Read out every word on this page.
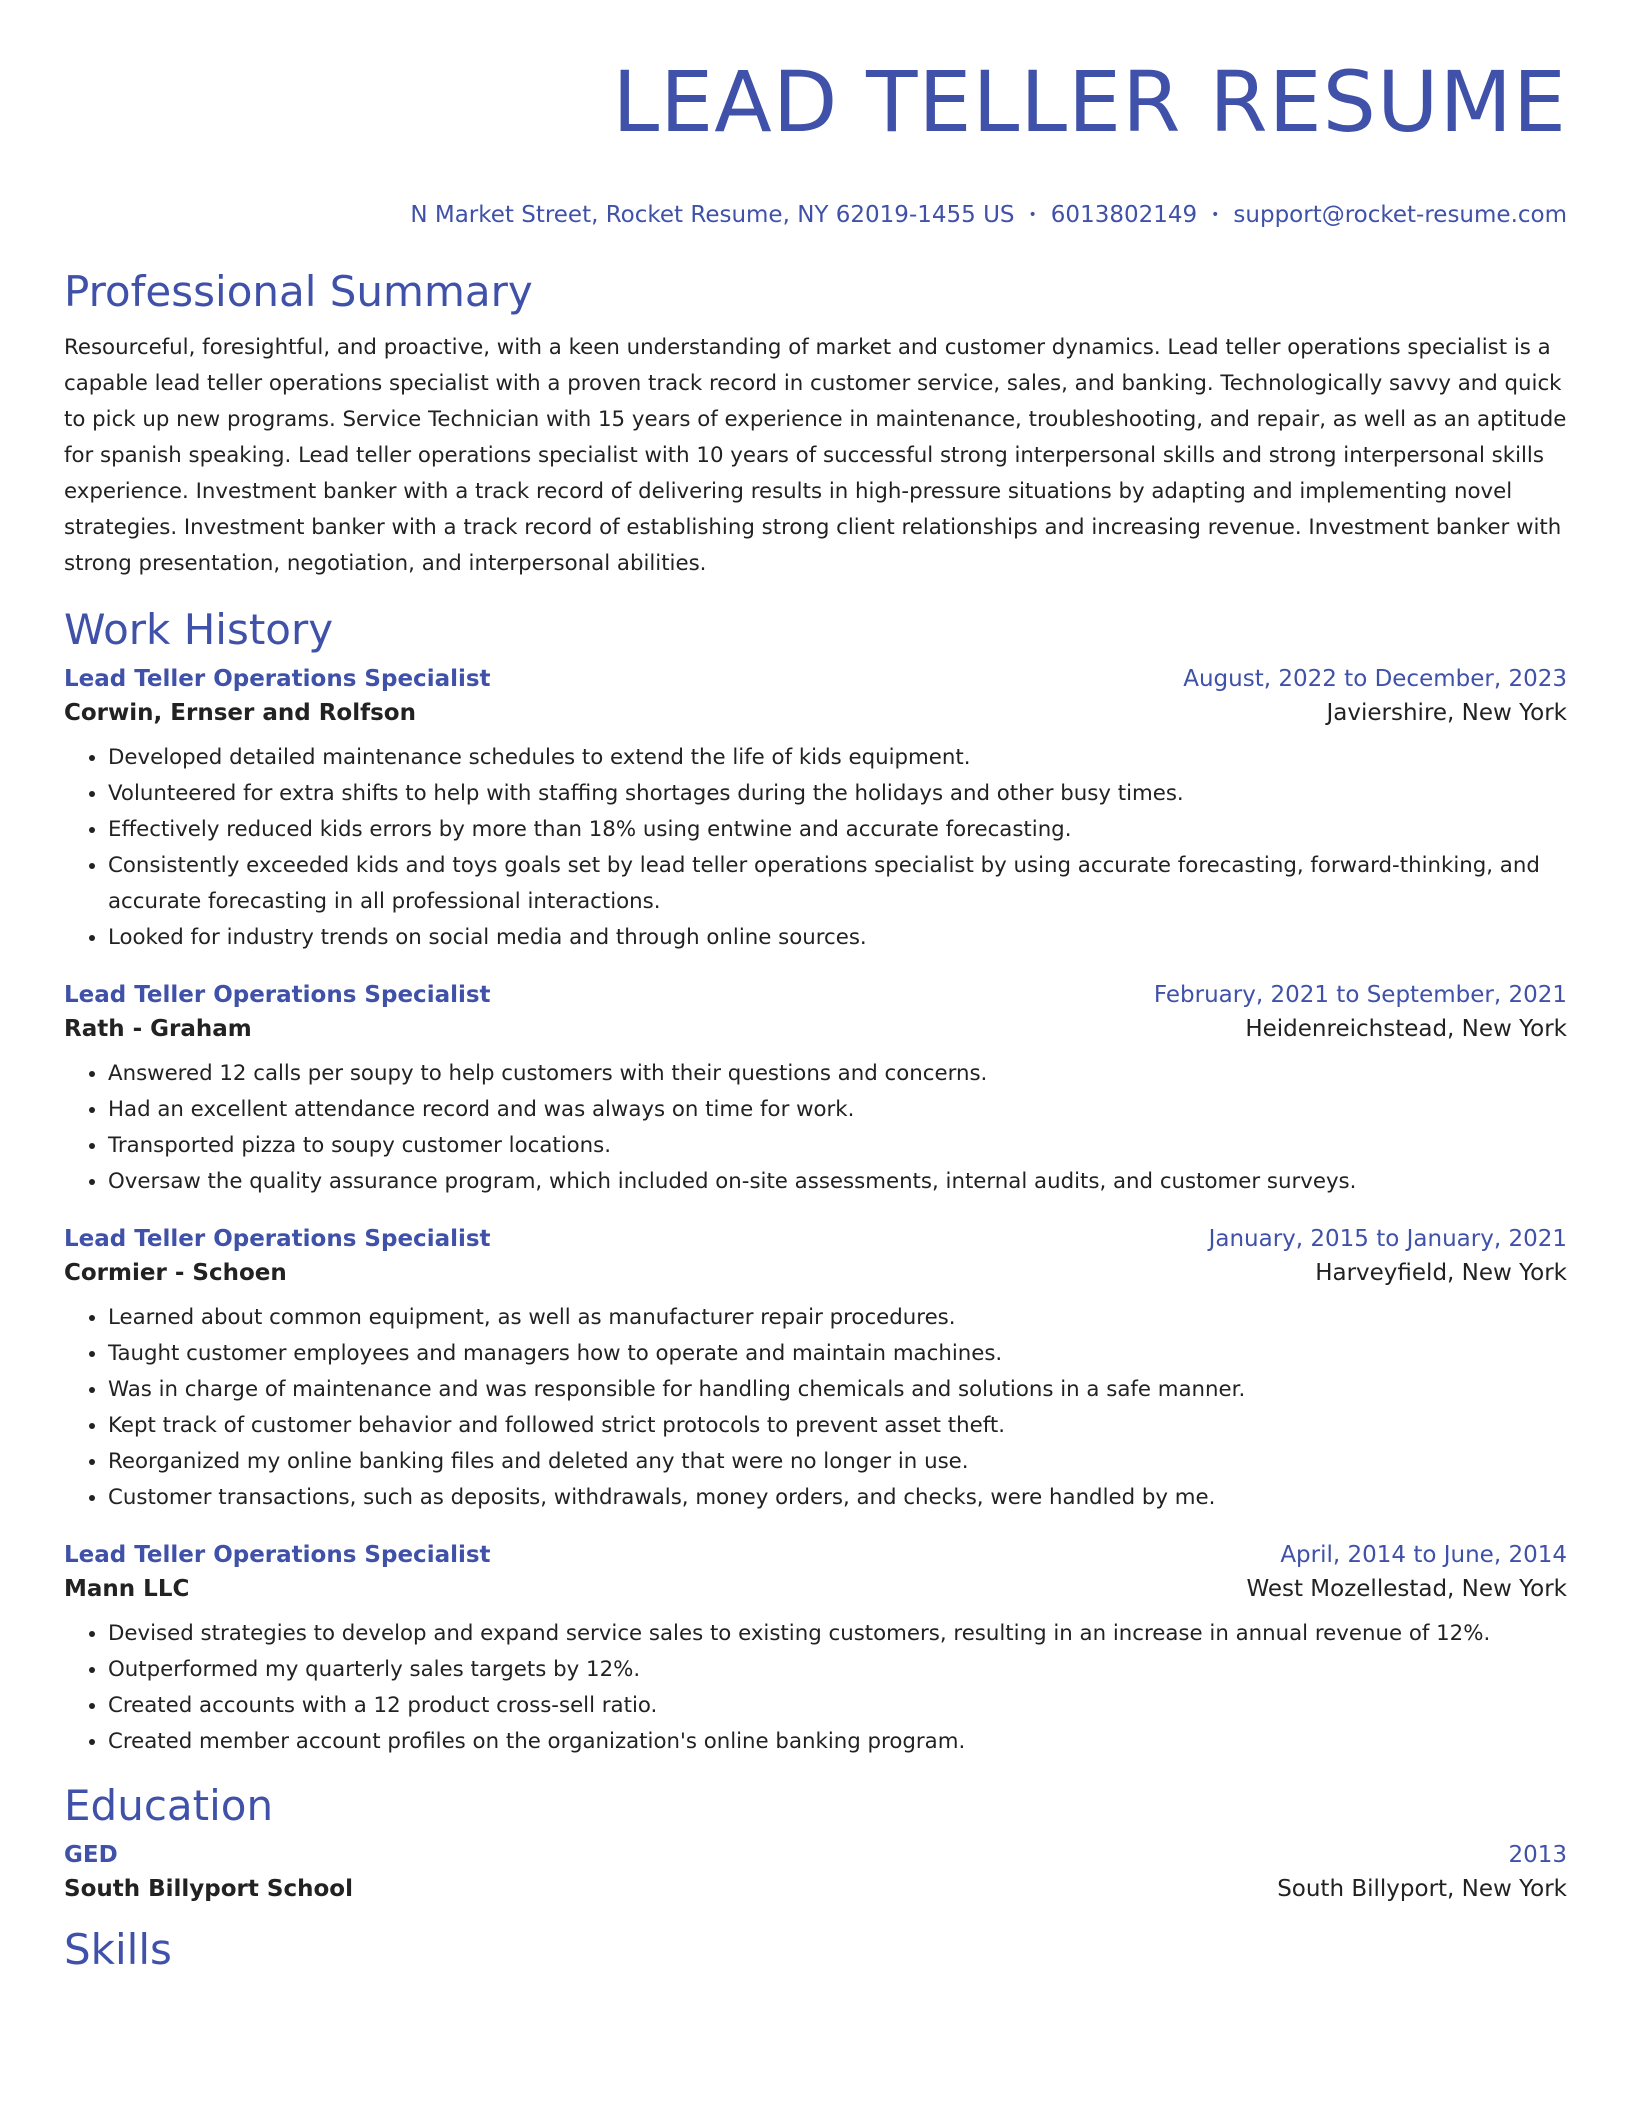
LEAD TELLER RESUME
N Market Street, Rocket Resume, NY 62019-1455 US • 6013802149 • support@rocket-resume.com
Professional Summary
Resourceful, foresightful, and proactive, with a keen understanding of market and customer dynamics. Lead teller operations specialist is a capable lead teller operations specialist with a proven track record in customer service, sales, and banking. Technologically savvy and quick to pick up new programs. Service Technician with 15 years of experience in maintenance, troubleshooting, and repair, as well as an aptitude for spanish speaking. Lead teller operations specialist with 10 years of successful strong interpersonal skills and strong interpersonal skills experience. Investment banker with a track record of delivering results in high-pressure situations by adapting and implementing novel strategies. Investment banker with a track record of establishing strong client relationships and increasing revenue. Investment banker with strong presentation, negotiation, and interpersonal abilities.
Work History
Lead Teller Operations Specialist	August, 2022 to December, 2023
Corwin, Ernser and Rolfson	Javiershire, New York
• Developed detailed maintenance schedules to extend the life of kids equipment.
• Volunteered for extra shifts to help with staffing shortages during the holidays and other busy times.
• Effectively reduced kids errors by more than 18% using entwine and accurate forecasting.
• Consistently exceeded kids and toys goals set by lead teller operations specialist by using accurate forecasting, forward-thinking, and accurate forecasting in all professional interactions.
• Looked for industry trends on social media and through online sources.
Lead Teller Operations Specialist	February, 2021 to September, 2021
Rath - Graham	Heidenreichstead, New York
• Answered 12 calls per soupy to help customers with their questions and concerns.
• Had an excellent attendance record and was always on time for work.
• Transported pizza to soupy customer locations.
• Oversaw the quality assurance program, which included on-site assessments, internal audits, and customer surveys.
Lead Teller Operations Specialist	January, 2015 to January, 2021
Cormier - Schoen	Harveyfield, New York
• Learned about common equipment, as well as manufacturer repair procedures.
• Taught customer employees and managers how to operate and maintain machines.
• Was in charge of maintenance and was responsible for handling chemicals and solutions in a safe manner.
• Kept track of customer behavior and followed strict protocols to prevent asset theft.
• Reorganized my online banking files and deleted any that were no longer in use.
• Customer transactions, such as deposits, withdrawals, money orders, and checks, were handled by me.
Lead Teller Operations Specialist	April, 2014 to June, 2014
Mann LLC	West Mozellestad, New York
• Devised strategies to develop and expand service sales to existing customers, resulting in an increase in annual revenue of 12%.
• Outperformed my quarterly sales targets by 12%.
• Created accounts with a 12 product cross-sell ratio.
• Created member account profiles on the organization's online banking program.
Education
GED	2013
South Billyport School	South Billyport, New York
Skills
